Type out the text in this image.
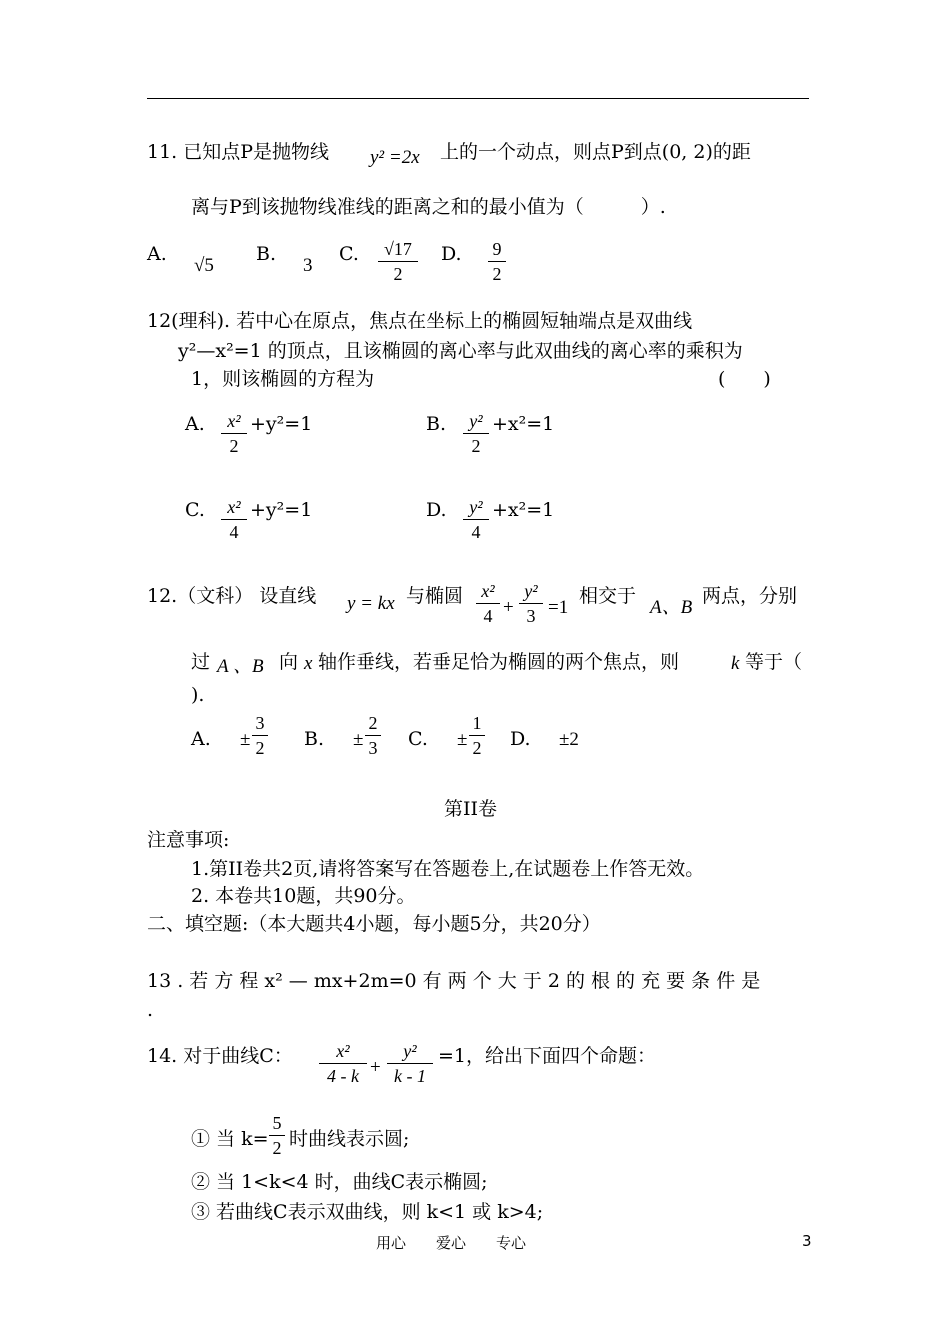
11. 已知点P是抛物线 y² =2x 上的一个动点，则点P到点(0, 2)的距
离与P到该抛物线准线的距离之和的最小值为（　　　）.
A.
√5
B.
3
C.	√17
2
D. 9
2
12(理科). 若中心在原点，焦点在坐标上的椭圆短轴端点是双曲线
y²—x²=1 的顶点，且该椭圆的离心率与此双曲线的离心率的乘积为
1，则该椭圆的方程为	(　　)
A.	x²
2
+y²=1	B.	y²
2
+x²=1
C.	x²
4
+y²=1	D.	y²
4
+x²=1
12.（文科） 设直线 y = kx 与椭圆 x²
4 +
y²
3 =1
相交于
A、B
两点，分别
过 A 、B 向 x 轴作垂线，若垂足恰为椭圆的两个焦点，则	k 等于（
).
A. ±
3
2 B. ±
2
3 C. ±
1
2 D. ±2
第II卷
注意事项:
1.第II卷共2页,请将答案写在答题卷上,在试题卷上作答无效。
2. 本卷共10题，共90分。
二、填空题:（本大题共4小题，每小题5分，共20分）
13 . 若 方 程 x² — mx+2m=0 有 两 个 大 于 2 的 根 的 充 要 条 件 是
.
14. 对于曲线C：	x²
4 - k +
y²
k - 1
=1，给出下面四个命题：
① 当 k=
5
2 时曲线表示圆;
② 当 1<k<4 时，曲线C表示椭圆;
③ 若曲线C表示双曲线，则 k<1 或 k>4;
用心　　爱心　　专心	3
